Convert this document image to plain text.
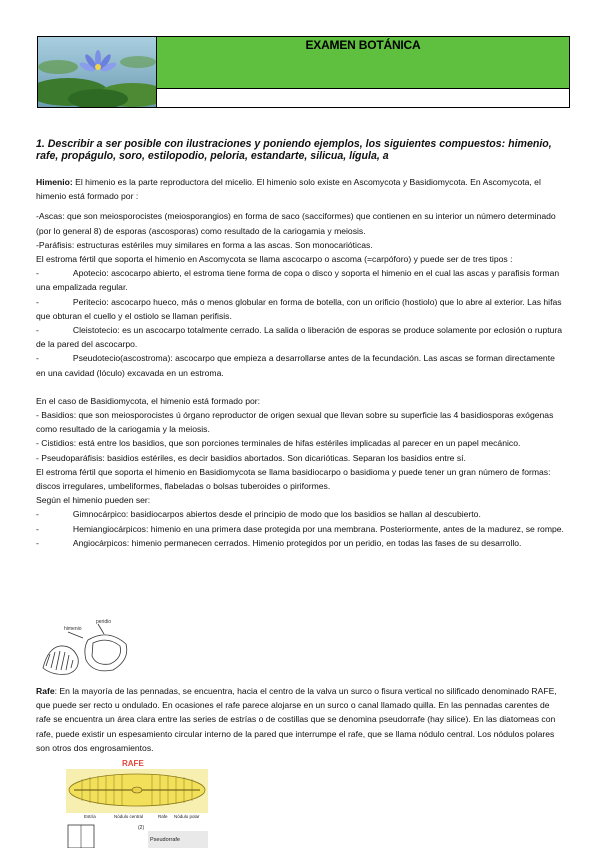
EXAMEN BOTÁNICA
1. Describir a ser posible con ilustraciones y poniendo ejemplos, los siguientes compuestos: himenio, rafe, propágulo, soro, estilopodio, peloria, estandarte, silicua, lígula, a

Himenio: El himenio es la parte reproductora del micelio. El himenio solo existe en Ascomycota y Basidiomycota. En Ascomycota, el himenio está formado por :

-Ascas: que son meiosporocistes (meiosporangios) en forma de saco (sacciformes) que contienen en su interior un número determinado (por lo general 8) de esporas (ascosporas) como resultado de la cariogamia y meiosis.

-Paráfisis: estructuras estériles muy similares en forma a las ascas. Son monocarióticas.

El estroma fértil que soporta el himenio en Ascomycota se llama ascocarpo o ascoma (=carpóforo) y puede ser de tres tipos :

-	Apotecio: ascocarpo abierto, el estroma tiene forma de copa o disco y soporta el himenio en el cual las ascas y parafisis forman una empalizada regular.

-	Peritecio: ascocarpo hueco, más o menos globular en forma de botella, con un orificio (hostiolo) que lo abre al exterior. Las hifas que obturan el cuello y el ostiolo se llaman perifisis.

-	Cleistotecio: es un ascocarpo totalmente cerrado. La salida o liberación de esporas se produce solamente por eclosión o ruptura de la pared del ascocarpo.

-	Pseudotecio(ascostroma): ascocarpo que empieza a desarrollarse antes de la fecundación. Las ascas se forman directamente en una cavidad (lóculo) excavada en un estroma.

En el caso de Basidiomycota, el himenio está formado por:

- Basidios: que son meiosporocistes ú órgano reproductor de origen sexual que llevan sobre su superficie las 4 basidiosporas exógenas como resultado de la cariogamia y la meiosis.

- Cistidios: está entre los basidios, que son porciones terminales de hifas estériles implicadas al parecer en un papel mecánico.

- Pseudoparáfisis: basidios estériles, es decir basidios abortados. Son dicarióticas. Separan los basidios entre sí.

El estroma fértil que soporta el himenio en Basidiomycota se llama basidiocarpo o basidioma y puede tener un gran número de formas: discos irregulares, umbeliformes, flabeladas o bolsas tuberoides o piriformes.

Según el himenio pueden ser:

-	Gimnocárpico: basidiocarpos abiertos desde el principio de modo que los basidios se hallan al descubierto.

-	Hemiangiocárpicos: himenio en una primera dase protegida por una membrana. Posteriormente, antes de la madurez, se rompe.

-	Angiocárpicos: himenio permanecen cerrados. Himenio protegidos por un peridio, en todas las fases de su desarrollo.

himenio
peridio

Rafe: En la mayoría de las pennadas, se encuentra, hacia el centro de la valva un surco o fisura vertical no silificado denominado RAFE, que puede ser recto u ondulado. En ocasiones el rafe parece alojarse en un surco o canal llamado quilla. En las pennadas carentes de rafe se encuentra un área clara entre las series de estrías o de costillas que se denomina pseudorrafe (hay silice). En las diatomeas con rafe, puede existir un espesamiento circular interno de la pared que interrumpe el rafe, que se llama nódulo central. Los nódulos polares son otros dos engrosamientos.

RAFE
Estría	Nódulo central	Rafe Nódulo polar
(2)
Pseudorrafe
